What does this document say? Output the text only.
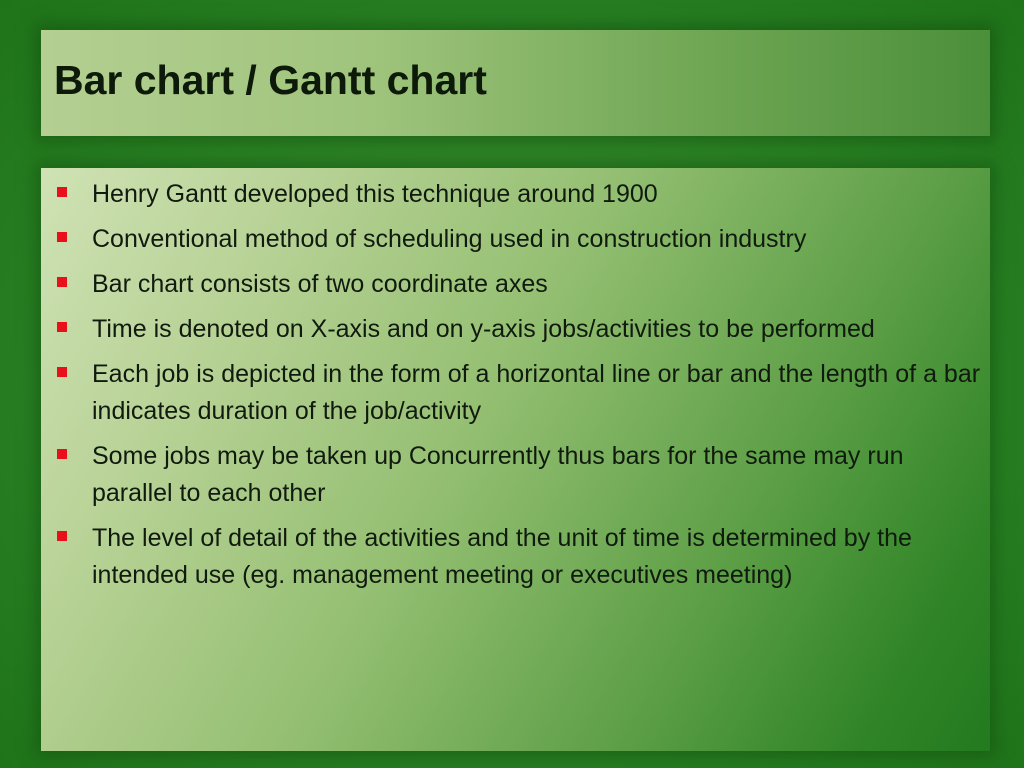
Bar chart / Gantt chart
Henry Gantt developed this technique around 1900
Conventional method of scheduling used in construction industry
Bar chart consists of two coordinate axes
Time is denoted on X-axis and on y-axis jobs/activities to be performed
Each job is depicted in the form of a horizontal line or bar and the length of a bar indicates duration of the job/activity
Some jobs may be taken up Concurrently thus bars for the same may run parallel to each other
The level of detail of the activities and the unit of time is determined by the intended use (eg. management meeting or executives meeting)
